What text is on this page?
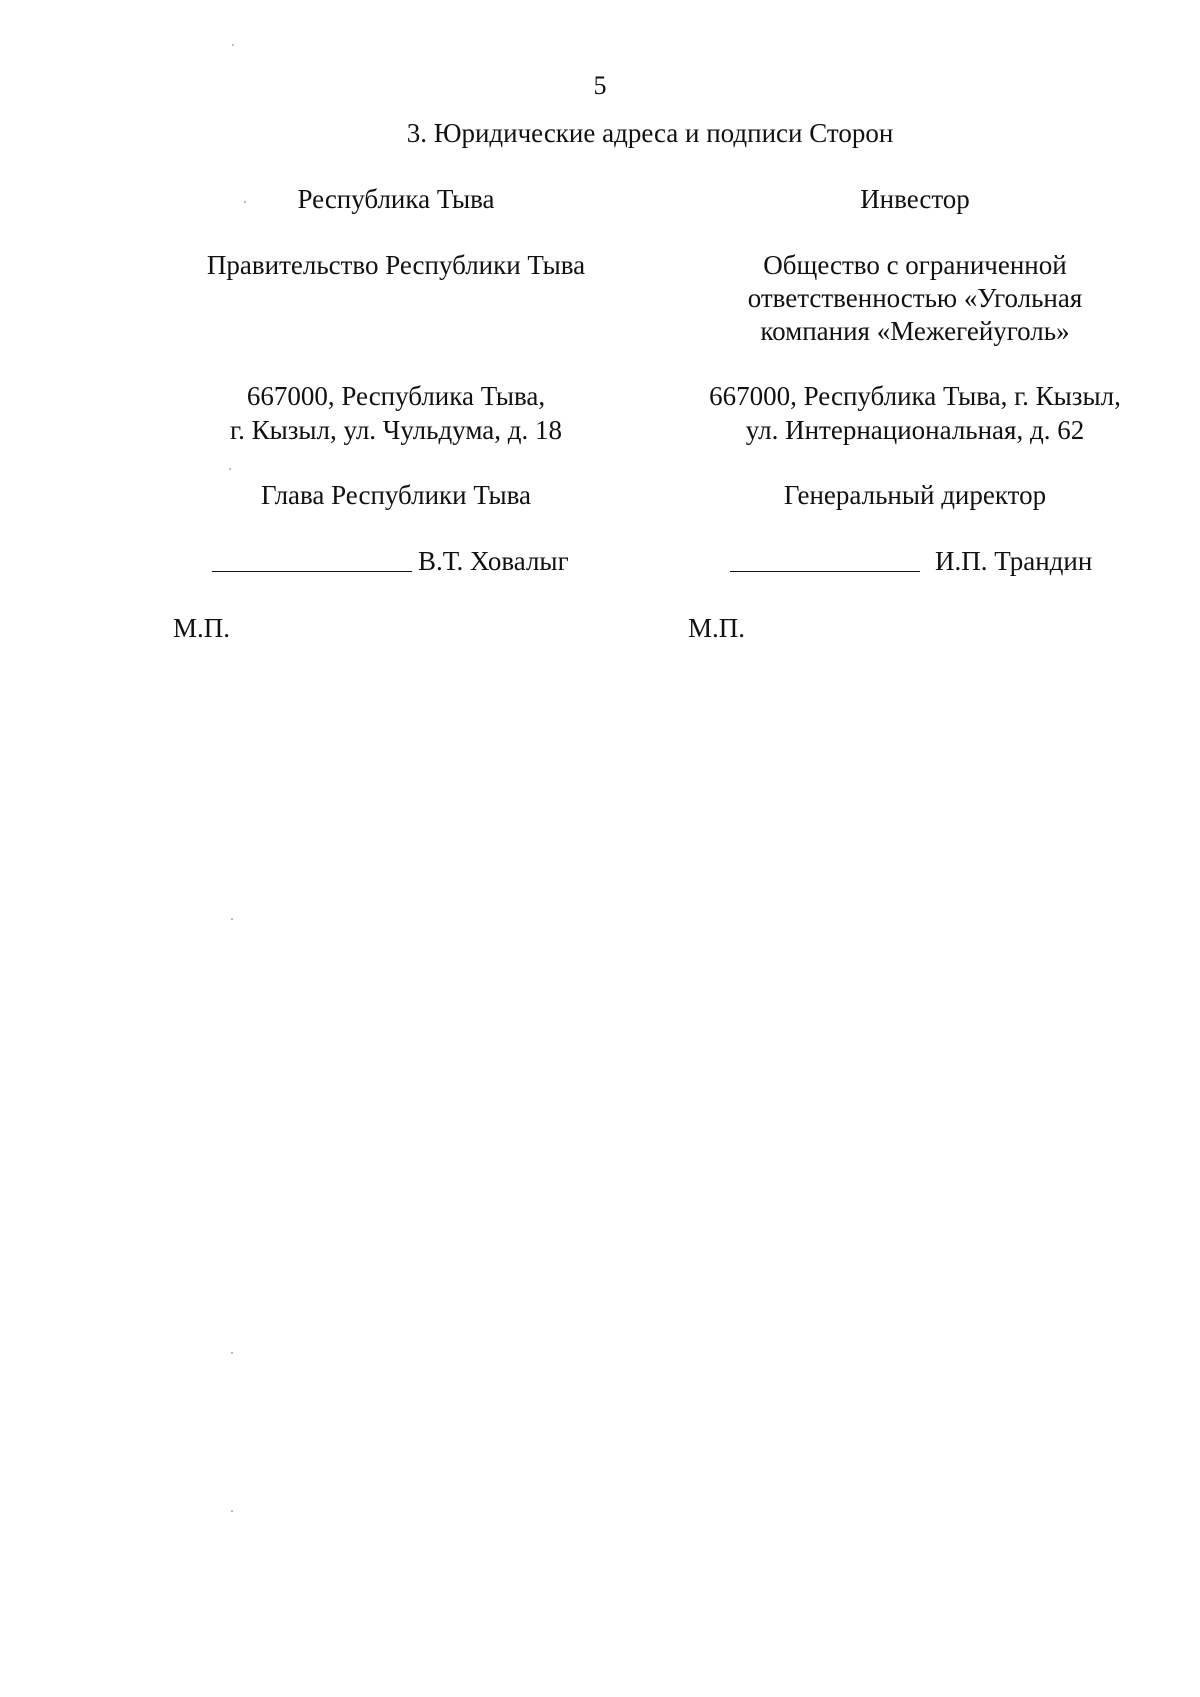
5
3. Юридические адреса и подписи Сторон
Республика Тыва
Правительство Республики Тыва
667000, Республика Тыва,
г. Кызыл, ул. Чульдума, д. 18
Глава Республики Тыва
В.Т. Ховалыг
М.П.
Инвестор
Общество с ограниченной
ответственностью «Угольная
компания «Межегейуголь»
667000, Республика Тыва, г. Кызыл,
ул. Интернациональная, д. 62
Генеральный директор
И.П. Трандин
М.П.
